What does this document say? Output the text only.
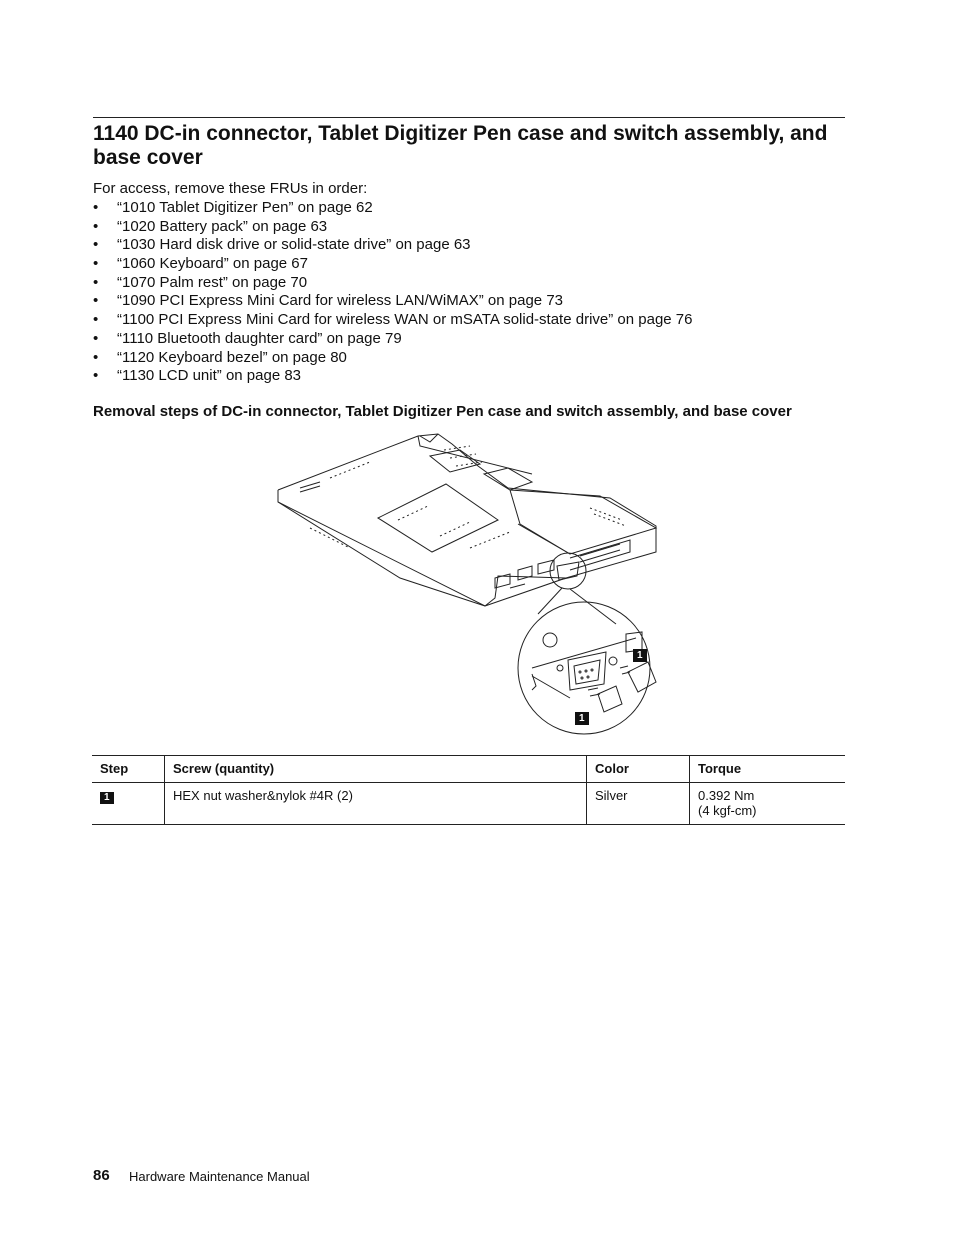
1140 DC-in connector, Tablet Digitizer Pen case and switch assembly, and base cover
For access, remove these FRUs in order:
• “1010 Tablet Digitizer Pen” on page 62
• “1020 Battery pack” on page 63
• “1030 Hard disk drive or solid-state drive” on page 63
• “1060 Keyboard” on page 67
• “1070 Palm rest” on page 70
• “1090 PCI Express Mini Card for wireless LAN/WiMAX” on page 73
• “1100 PCI Express Mini Card for wireless WAN or mSATA solid-state drive” on page 76
• “1110 Bluetooth daughter card” on page 79
• “1120 Keyboard bezel” on page 80
• “1130 LCD unit” on page 83
Removal steps of DC-in connector, Tablet Digitizer Pen case and switch assembly, and base cover
1
1
Step	Screw (quantity)	Color	Torque
1	HEX nut washer&nylok #4R (2)	Silver	0.392 Nm
(4 kgf-cm)
86 Hardware Maintenance Manual
